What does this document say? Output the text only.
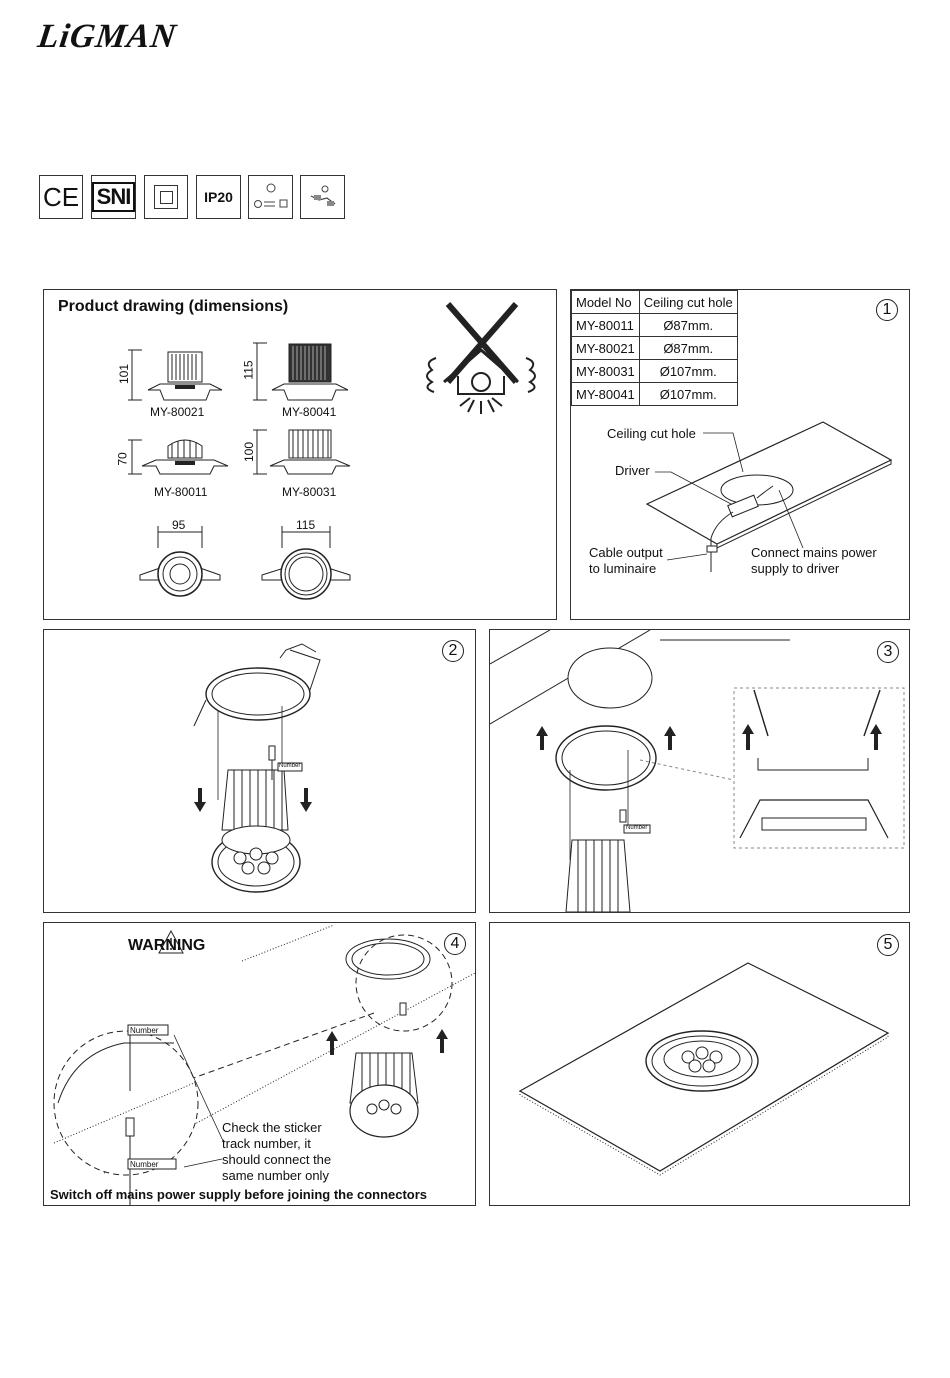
LiGMAN
CE SNI	IP20
Product drawing (dimensions)
101
MY-80021
115
MY-80041
70
MY-80011
100
MY-80031
95	115
Model No	Ceiling cut hole
MY-80011	Ø87mm.
MY-80021	Ø87mm.
MY-80031	Ø107mm.
MY-80041	Ø107mm.
1
Ceiling cut hole
Driver
Cable output
to luminaire
Connect mains power
supply to driver
2
Number
3
Number
4
WARNING
Number
Number
Check the sticker
track number, it
should connect the
same number only
Switch off mains power supply before joining the connectors
5
